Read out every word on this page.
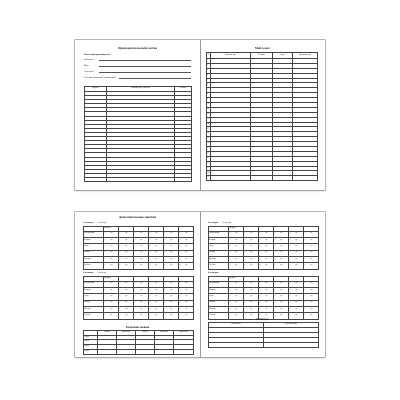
Преподавательский состав
Классный руководитель
Фамилия
Имя
Отчество
Телефон (рабочий / домашний)
Предмет	Фамилия, имя, отчество	Телефон

Мой класс
№	Фамилия, имя	Телефон	Адрес	Дата рождения
1				
2				
3				
4				
5				
6				
7				
8				
9				
10				
11				
12				
13				
14				
15				
16				
17				
18				
19				
20				
21				
22				
23				
24				
25				
Дополнительные занятия
1 четверть 1 семестр
	Предмет					
Понедельник	с до	с до	с до	с до	с до	с до
Вторник	с до	с до	с до	с до	с до	с до
Среда	с до	с до	с до	с до	с до	с до
Четверг	с до	с до	с до	с до	с до	с до
Пятница	с до	с до	с до	с до	с до	с до
Суббота	с до	с до	с до	с до	с до	с до
2 четверть 1 семестр
	Предмет					
Понедельник	с до	с до	с до	с до	с до	с до
Вторник	с до	с до	с до	с до	с до	с до
Среда	с до	с до	с до	с до	с до	с до
Четверг	с до	с до	с до	с до	с до	с до
Пятница	с до	с до	с до	с до	с до	с до
Суббота	с до	с до	с до	с до	с до	с до
Расписание звонков
	Начало	Окончание	Начало	Окончание	Примечание
1 урок					
2 урок					
3 урок					
4 урок					
3 четверть 2 семестр
	Предмет					
Понедельник	с до	с до	с до	с до	с до	с до
Вторник	с до	с до	с до	с до	с до	с до
Среда	с до	с до	с до	с до	с до	с до
Четверг	с до	с до	с до	с до	с до	с до
Пятница	с до	с до	с до	с до	с до	с до
Суббота	с до	с до	с до	с до	с до	с до
4 четверть
	Предмет					
Понедельник	с до	с до	с до	с до	с до	с до
Вторник	с до	с до	с до	с до	с до	с до
Среда	с до	с до	с до	с до	с до	с до
Четверг	с до	с до	с до	с до	с до	с до
Пятница	с до	с до	с до	с до	с до	с до
Суббота	с до	с до	с до	с до	с до	с до
Каникулы
Дата начала	Дата окончания
